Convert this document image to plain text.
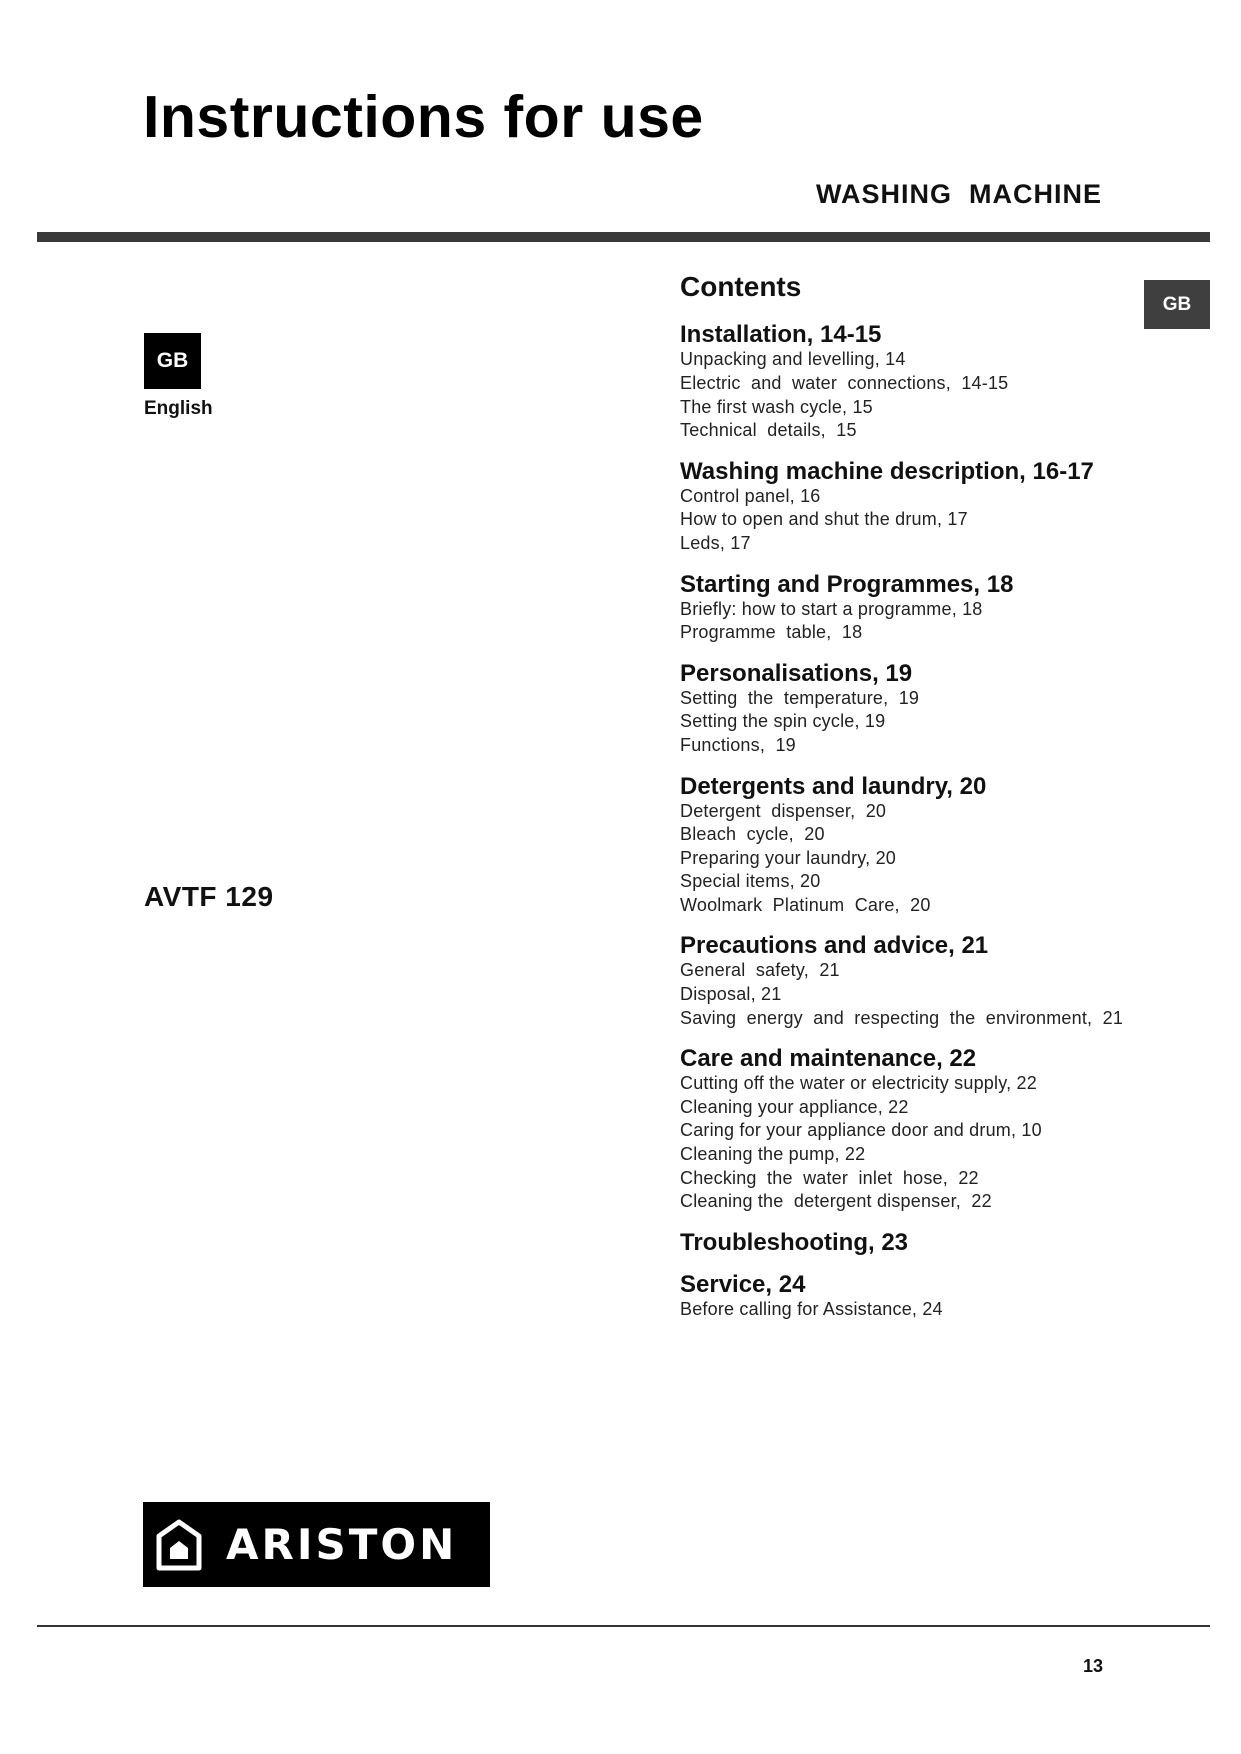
Instructions for use
WASHING  MACHINE
GB
English
AVTF 129
GB
Contents
Installation, 14-15
Unpacking and levelling, 14
Electric  and  water  connections,  14-15
The first wash cycle, 15
Technical  details,  15
Washing machine description, 16-17
Control panel, 16
How to open and shut the drum, 17
Leds, 17
Starting and Programmes, 18
Briefly: how to start a programme, 18
Programme  table,  18
Personalisations, 19
Setting  the  temperature,  19
Setting the spin cycle, 19
Functions,  19
Detergents and laundry, 20
Detergent  dispenser,  20
Bleach  cycle,  20
Preparing your laundry, 20
Special items, 20
Woolmark  Platinum  Care,  20
Precautions and advice, 21
General  safety,  21
Disposal, 21
Saving  energy  and  respecting  the  environment,  21
Care and maintenance, 22
Cutting off the water or electricity supply, 22
Cleaning your appliance, 22
Caring for your appliance door and drum, 10
Cleaning the pump, 22
Checking  the  water  inlet  hose,  22
Cleaning the  detergent dispenser,  22
Troubleshooting, 23
Service, 24
Before calling for Assistance, 24
ARISTON
13
